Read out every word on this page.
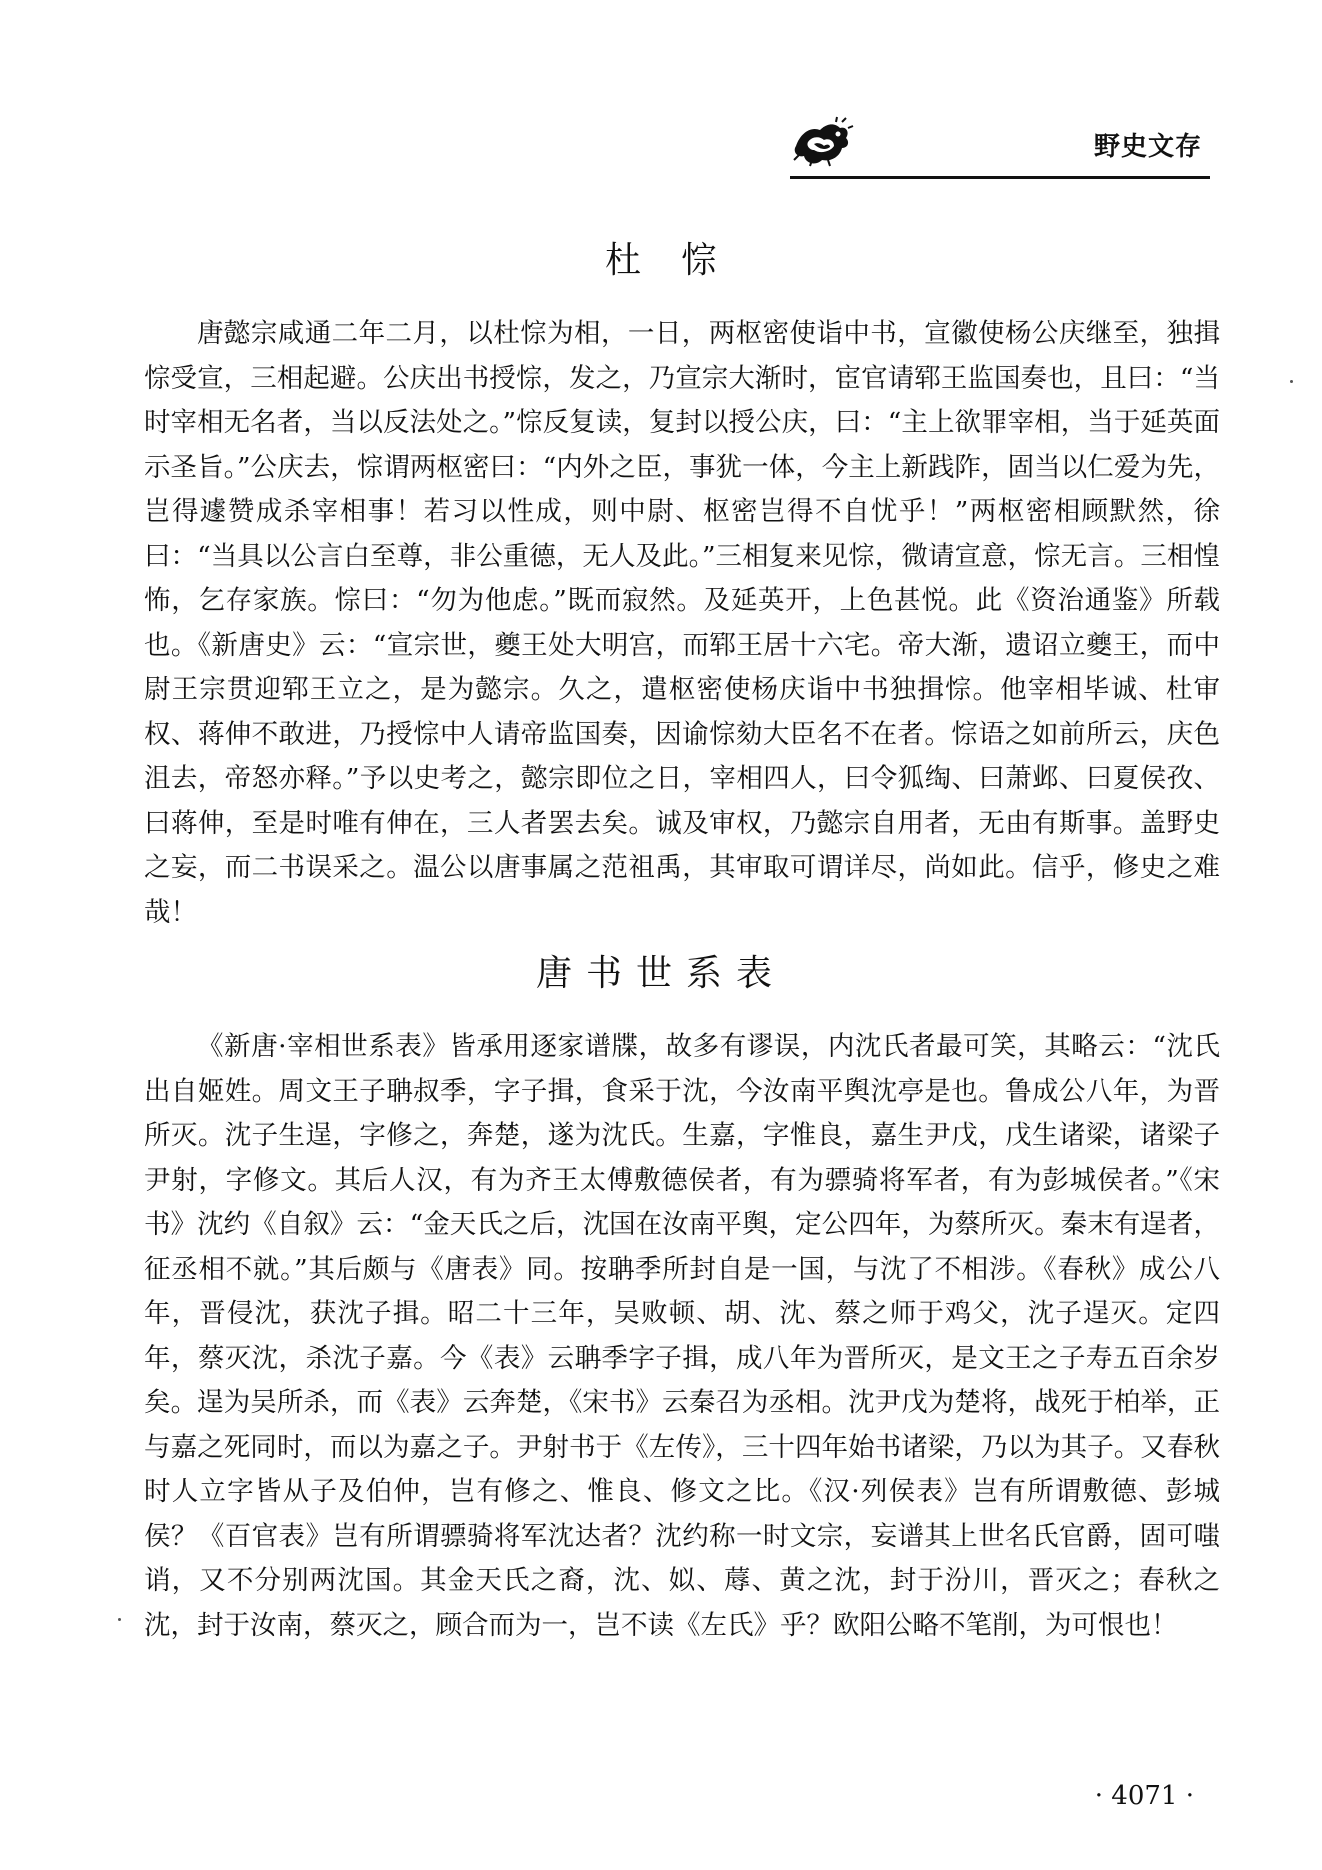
野史文存
杜悰

唐懿宗咸通二年二月，以杜悰为相，一日，两枢密使诣中书，宣徽使杨公庆继至，独揖悰受宣，三相起避。公庆出书授悰，发之，乃宣宗大渐时，宦官请郓王监国奏也，且曰：“当时宰相无名者，当以反法处之。”悰反复读，复封以授公庆，曰：“主上欲罪宰相，当于延英面示圣旨。”公庆去，悰谓两枢密曰：“内外之臣，事犹一体，今主上新践阼，固当以仁爱为先，岂得遽赞成杀宰相事！若习以性成，则中尉、枢密岂得不自忧乎！”两枢密相顾默然，徐曰：“当具以公言白至尊，非公重德，无人及此。”三相复来见悰，微请宣意，悰无言。三相惶怖，乞存家族。悰曰：“勿为他虑。”既而寂然。及延英开，上色甚悦。此《资治通鉴》所载也。《新唐史》云：“宣宗世，夔王处大明宫，而郓王居十六宅。帝大渐，遗诏立夔王，而中尉王宗贯迎郓王立之，是为懿宗。久之，遣枢密使杨庆诣中书独揖悰。他宰相毕诚、杜审权、蒋伸不敢进，乃授悰中人请帝监国奏，因谕悰劾大臣名不在者。悰语之如前所云，庆色沮去，帝怒亦释。”予以史考之，懿宗即位之日，宰相四人，曰令狐绹、曰萧邺、曰夏侯孜、曰蒋伸，至是时唯有伸在，三人者罢去矣。诚及审权，乃懿宗自用者，无由有斯事。盖野史之妄，而二书误采之。温公以唐事属之范祖禹，其审取可谓详尽，尚如此。信乎，修史之难哉！

唐书世系表

《新唐·宰相世系表》皆承用逐家谱牒，故多有谬误，内沈氏者最可笑，其略云：“沈氏出自姬姓。周文王子聃叔季，字子揖，食采于沈，今汝南平舆沈亭是也。鲁成公八年，为晋所灭。沈子生逞，字修之，奔楚，遂为沈氏。生嘉，字惟良，嘉生尹戊，戊生诸梁，诸梁子尹射，字修文。其后人汉，有为齐王太傅敷德侯者，有为骠骑将军者，有为彭城侯者。”《宋书》沈约《自叙》云：“金天氏之后，沈国在汝南平舆，定公四年，为蔡所灭。秦末有逞者，征丞相不就。”其后颇与《唐表》同。按聃季所封自是一国，与沈了不相涉。《春秋》成公八年，晋侵沈，获沈子揖。昭二十三年，吴败顿、胡、沈、蔡之师于鸡父，沈子逞灭。定四年，蔡灭沈，杀沈子嘉。今《表》云聃季字子揖，成八年为晋所灭，是文王之子寿五百余岁矣。逞为吴所杀，而《表》云奔楚，《宋书》云秦召为丞相。沈尹戊为楚将，战死于柏举，正与嘉之死同时，而以为嘉之子。尹射书于《左传》，三十四年始书诸梁，乃以为其子。又春秋时人立字皆从子及伯仲，岂有修之、惟良、修文之比。《汉·列侯表》岂有所谓敷德、彭城侯？《百官表》岂有所谓骠骑将军沈达者？沈约称一时文宗，妄谱其上世名氏官爵，固可嗤诮，又不分别两沈国。其金天氏之裔，沈、姒、蓐、黄之沈，封于汾川，晋灭之；春秋之沈，封于汝南，蔡灭之，顾合而为一，岂不读《左氏》乎？欧阳公略不笔削，为可恨也！

· 4071 ·
